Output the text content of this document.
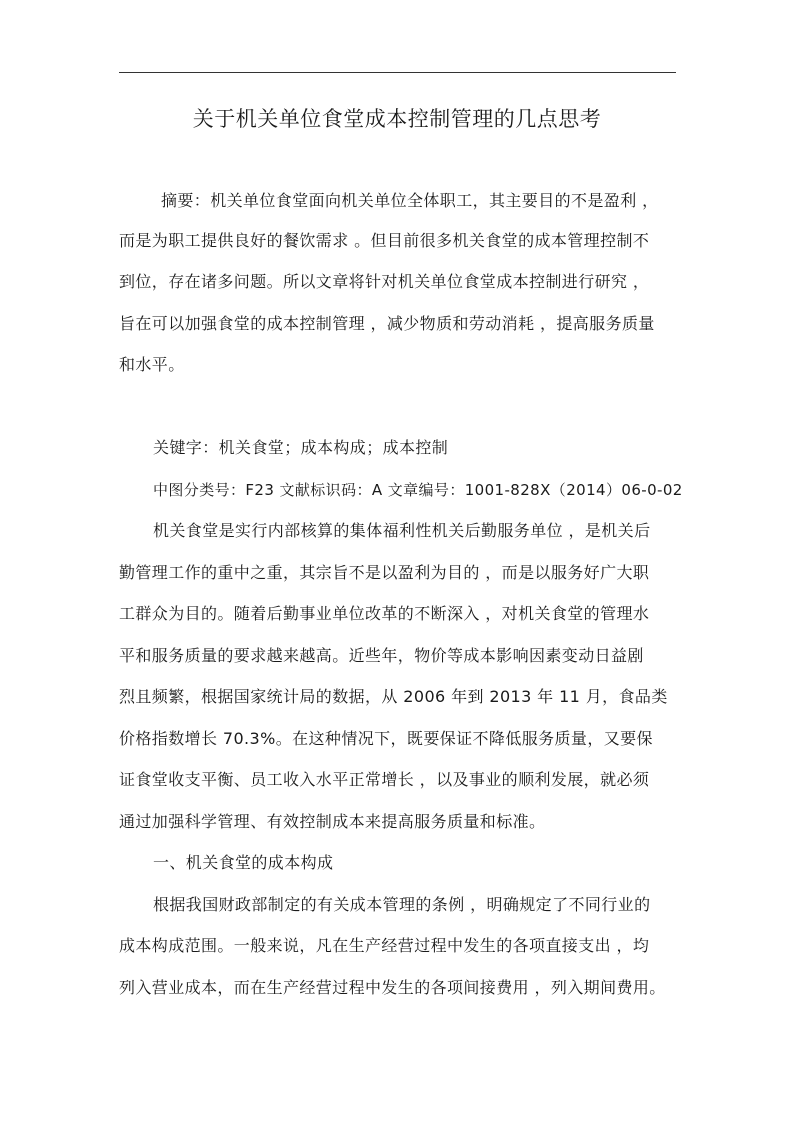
关于机关单位食堂成本控制管理的几点思考
摘要：机关单位食堂面向机关单位全体职工，其主要目的不是盈利 ，
而是为职工提供良好的餐饮需求 。但目前很多机关食堂的成本管理控制不
到位，存在诸多问题。所以文章将针对机关单位食堂成本控制进行研究 ，
旨在可以加强食堂的成本控制管理 ，减少物质和劳动消耗 ，提高服务质量
和水平。
关键字：机关食堂；成本构成；成本控制
中图分类号：F23 文献标识码：A 文章编号：1001-828X（2014）06-0-02
机关食堂是实行内部核算的集体福利性机关后勤服务单位 ，是机关后
勤管理工作的重中之重，其宗旨不是以盈利为目的 ，而是以服务好广大职
工群众为目的。随着后勤事业单位改革的不断深入 ，对机关食堂的管理水
平和服务质量的要求越来越高。近些年，物价等成本影响因素变动日益剧
烈且频繁，根据国家统计局的数据，从 2006 年到 2013 年 11 月，食品类
价格指数增长 70.3%。在这种情况下，既要保证不降低服务质量，又要保
证食堂收支平衡、员工收入水平正常增长 ，以及事业的顺利发展，就必须
通过加强科学管理、有效控制成本来提高服务质量和标准。
一、机关食堂的成本构成
根据我国财政部制定的有关成本管理的条例 ，明确规定了不同行业的
成本构成范围。一般来说，凡在生产经营过程中发生的各项直接支出 ，均
列入营业成本，而在生产经营过程中发生的各项间接费用 ，列入期间费用。
